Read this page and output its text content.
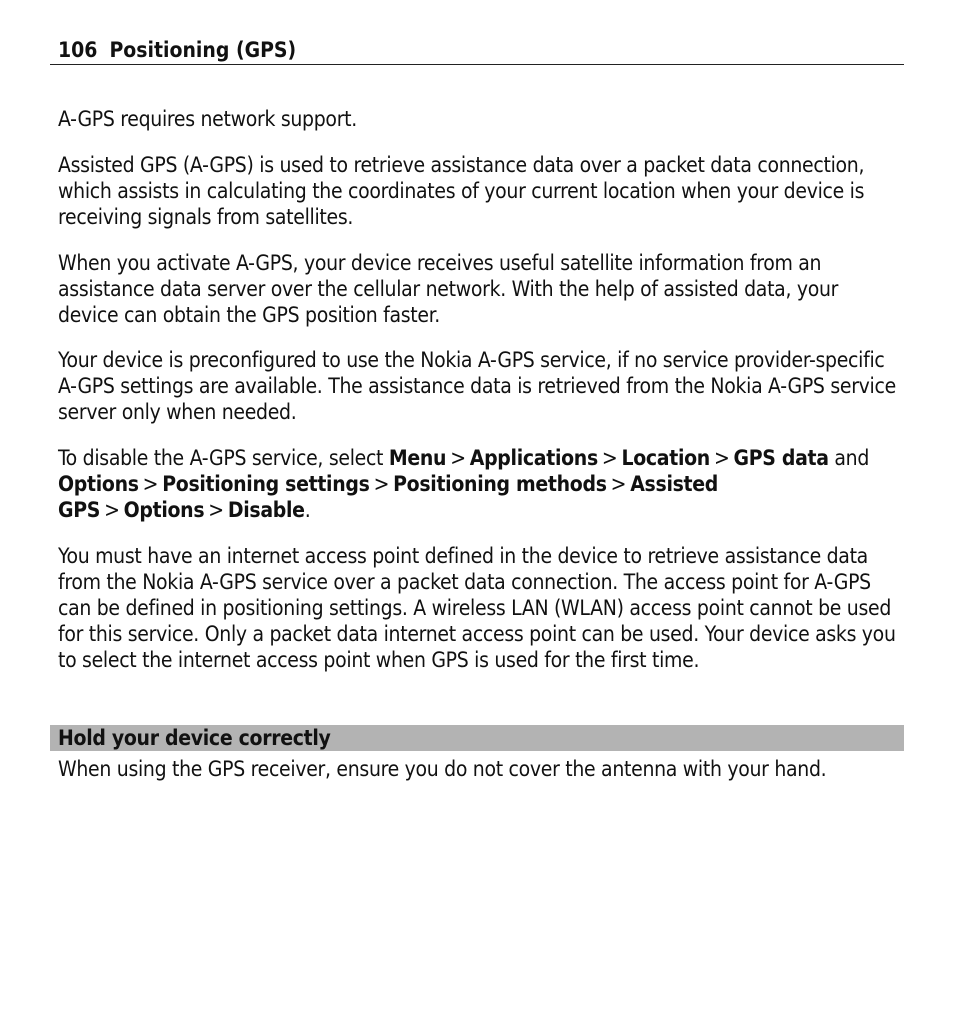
106 Positioning (GPS)

A-GPS requires network support.

Assisted GPS (A-GPS) is used to retrieve assistance data over a packet data connection, which assists in calculating the coordinates of your current location when your device is receiving signals from satellites.

When you activate A-GPS, your device receives useful satellite information from an assistance data server over the cellular network. With the help of assisted data, your device can obtain the GPS position faster.

Your device is preconfigured to use the Nokia A-GPS service, if no service provider-specific A-GPS settings are available. The assistance data is retrieved from the Nokia A-GPS service server only when needed.

To disable the A-GPS service, select Menu > Applications > Location > GPS data and Options > Positioning settings > Positioning methods > Assisted GPS > Options > Disable.

You must have an internet access point defined in the device to retrieve assistance data from the Nokia A-GPS service over a packet data connection. The access point for A-GPS can be defined in positioning settings. A wireless LAN (WLAN) access point cannot be used for this service. Only a packet data internet access point can be used. Your device asks you to select the internet access point when GPS is used for the first time.

Hold your device correctly

When using the GPS receiver, ensure you do not cover the antenna with your hand.
